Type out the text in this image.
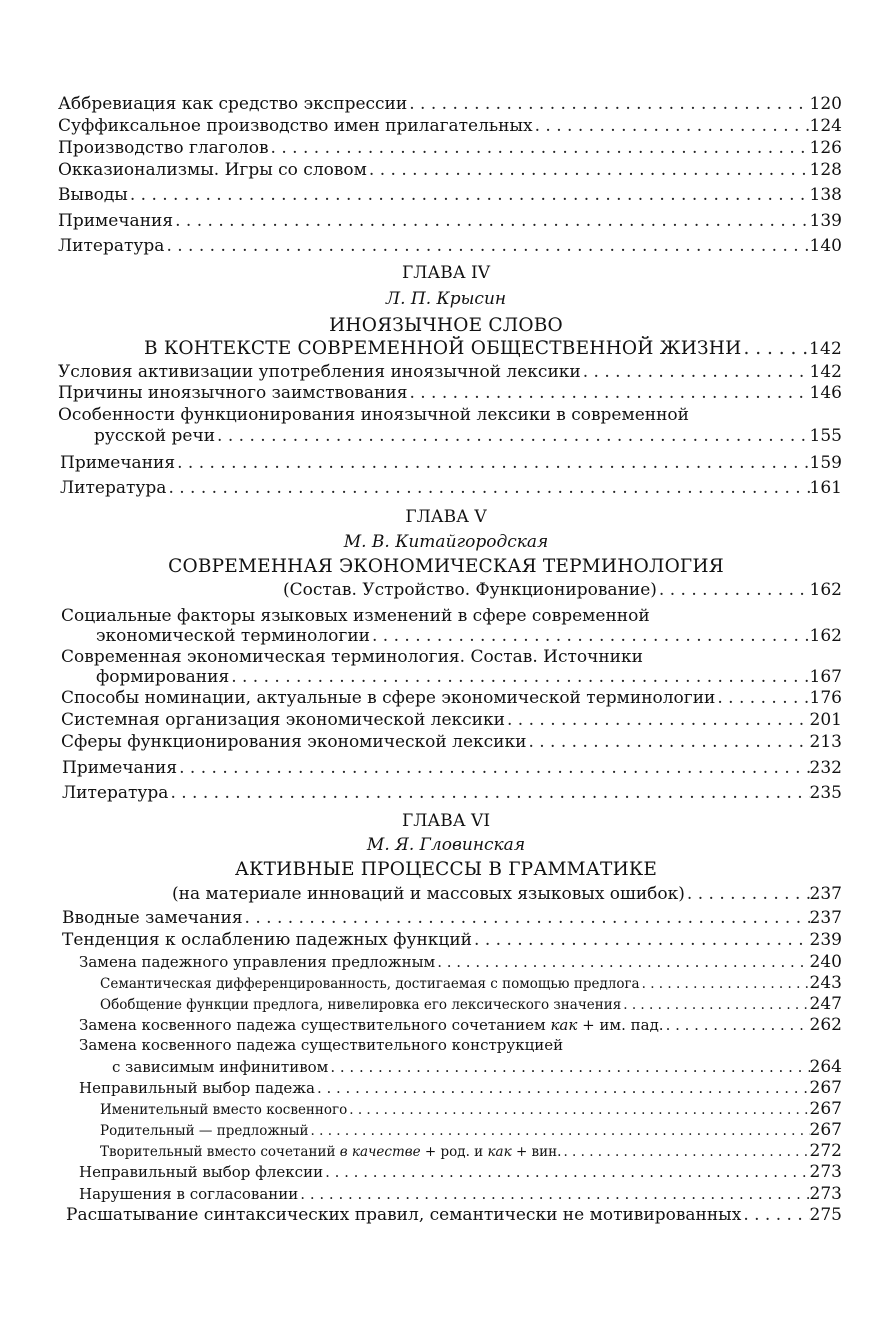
Аббревиация как средство экспрессии . . .	120
Суффиксальное производство имен прилагательных . . .	124
Производство глаголов . . .	126
Окказионализмы. Игры со словом . . .	128
Выводы . . .	138
Примечания . . .	139
Литература . . .	140
ГЛАВА IV
Л. П. Крысин
ИНОЯЗЫЧНОЕ СЛОВО
В КОНТЕКСТЕ СОВРЕМЕННОЙ ОБЩЕСТВЕННОЙ ЖИЗНИ . . .	142
Условия активизации употребления иноязычной лексики . . .	142
Причины иноязычного заимствования . . .	146
Особенности функционирования иноязычной лексики в современной
русской речи . . .	155
Примечания . . .	159
Литература . . .	161
ГЛАВА V
М. В. Китайгородская
СОВРЕМЕННАЯ ЭКОНОМИЧЕСКАЯ ТЕРМИНОЛОГИЯ
(Состав. Устройство. Функционирование) . . .	162
Социальные факторы языковых изменений в сфере современной
экономической терминологии . . .	162
Современная экономическая терминология. Состав. Источники
формирования . . .	167
Способы номинации, актуальные в сфере экономической терминологии . . .	176
Системная организация экономической лексики . . .	201
Сферы функционирования экономической лексики . . .	213
Примечания . . .	232
Литература . . .	235
ГЛАВА VI
М. Я. Гловинская
АКТИВНЫЕ ПРОЦЕССЫ В ГРАММАТИКЕ
(на материале инноваций и массовых языковых ошибок) . . .	237
Вводные замечания . . .	237
Тенденция к ослаблению падежных функций . . .	239
Замена падежного управления предложным . . .	240
Семантическая дифференцированность, достигаемая с помощью предлога . . .	243
Обобщение функции предлога, нивелировка его лексического значения . . .	247
Замена косвенного падежа существительного сочетанием как + им. пад. . . .	262
Замена косвенного падежа существительного конструкцией
с зависимым инфинитивом . . .	264
Неправильный выбор падежа . . .	267
Именительный вместо косвенного . . .	267
Родительный — предложный . . .	267
Творительный вместо сочетаний в качестве + род. и как + вин. . . .	272
Неправильный выбор флексии . . .	273
Нарушения в согласовании . . .	273
Расшатывание синтаксических правил, семантически не мотивированных . . .	275
